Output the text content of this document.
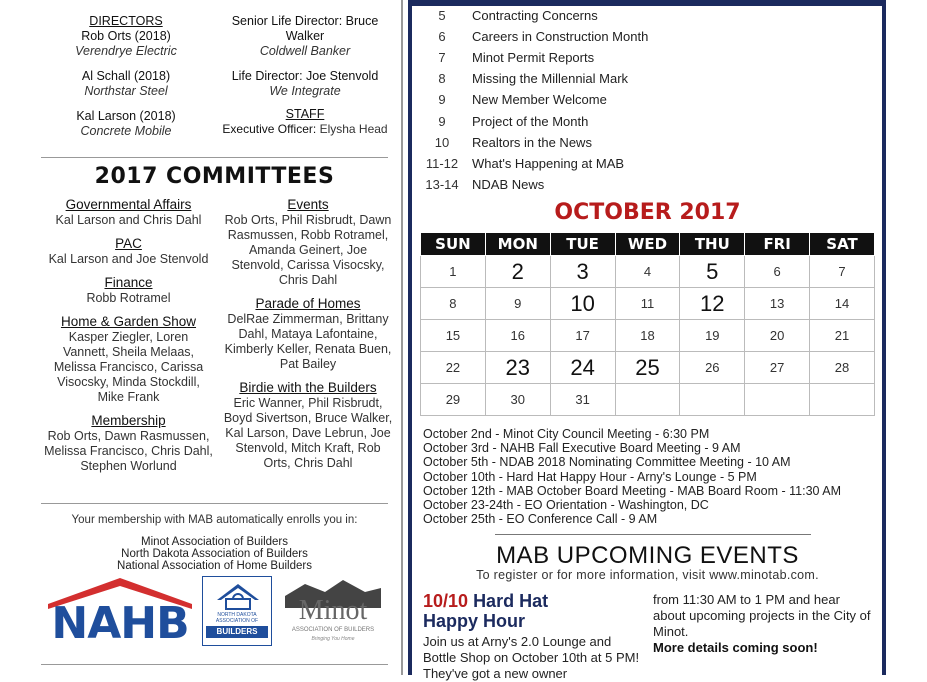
DIRECTORS
Rob Orts (2018)
Verendrye Electric
Al Schall (2018)
Northstar Steel
Kal Larson (2018)
Concrete Mobile
Senior Life Director: Bruce Walker
Coldwell Banker
Life Director: Joe Stenvold
We Integrate
STAFF
Executive Officer: Elysha Head
2017 COMMITTEES
Governmental Affairs
Kal Larson and Chris Dahl
PAC
Kal Larson and Joe Stenvold
Finance
Robb Rotramel
Home & Garden Show
Kasper Ziegler, Loren Vannett, Sheila Melaas, Melissa Francisco, Carissa Visocsky, Minda Stockdill, Mike Frank
Membership
Rob Orts, Dawn Rasmussen, Melissa Francisco, Chris Dahl, Stephen Worlund
Events
Rob Orts, Phil Risbrudt, Dawn Rasmussen, Robb Rotramel, Amanda Geinert, Joe Stenvold, Carissa Visocsky, Chris Dahl
Parade of Homes
DelRae Zimmerman, Brittany Dahl, Mataya Lafontaine, Kimberly Keller, Renata Buen, Pat Bailey
Birdie with the Builders
Eric Wanner, Phil Risbrudt, Boyd Sivertson, Bruce Walker, Kal Larson, Dave Lebrun, Joe Stenvold, Mitch Kraft, Rob Orts, Chris Dahl
Your membership with MAB automatically enrolls you in:
Minot Association of Builders
North Dakota Association of Builders
National Association of Home Builders
NAHB	NORTH DAKOTA
ASSOCIATION OF
BUILDERS
Minot
ASSOCIATION OF BUILDERS
Bringing You Home
5 Contracting Concerns
6 Careers in Construction Month
7 Minot Permit Reports
8 Missing the Millennial Mark
9 New Member Welcome
9 Project of the Month
10 Realtors in the News
11-12 What's Happening at MAB
13-14 NDAB News
OCTOBER 2017
SUN	MON	TUE	WED	THU	FRI	SAT
1	2	3	4	5	6	7
8	9	10	11	12	13	14
15	16	17	18	19	20	21
22	23	24	25	26	27	28
29	30	31				
October 2nd - Minot City Council Meeting - 6:30 PM
October 3rd - NAHB Fall Executive Board Meeting - 9 AM
October 5th - NDAB 2018 Nominating Committee Meeting - 10 AM
October 10th - Hard Hat Happy Hour - Arny's Lounge - 5 PM
October 12th - MAB October Board Meeting - MAB Board Room - 11:30 AM
October 23-24th - EO Orientation - Washington, DC
October 25th - EO Conference Call - 9 AM
MAB UPCOMING EVENTS
To register or for more information, visit www.minotab.com.
10/10 Hard Hat
Happy Hour
Join us at Arny's 2.0 Lounge and Bottle Shop on October 10th at 5 PM! They've got a new owner
from 11:30 AM to 1 PM and hear about upcoming projects in the City of Minot.
More details coming soon!
